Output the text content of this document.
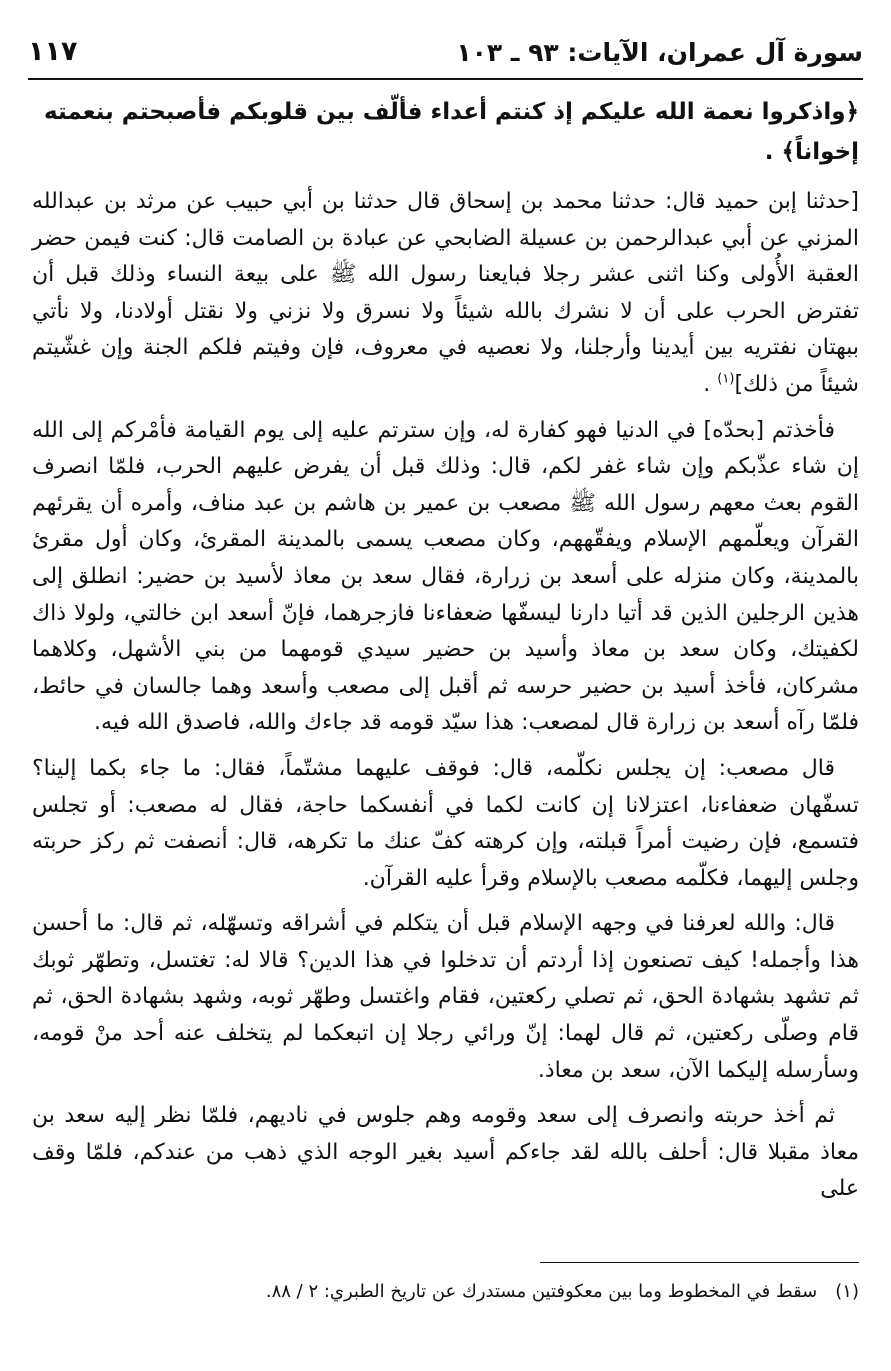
سورة آل عمران، الآيات: ٩٣ ـ ١٠٣
١١٧

﴿واذكروا نعمة الله عليكم إذ كنتم أعداء فألّف بين قلوبكم فأصبحتم بنعمته إخواناً﴾ .

[حدثنا إبن حميد قال: حدثنا محمد بن إسحاق قال حدثنا بن أبي حبيب عن مرثد بن عبدالله المزني عن أبي عبدالرحمن بن عسيلة الضابحي عن عبادة بن الصامت قال: كنت فيمن حضر العقبة الأُولى وكنا اثنى عشر رجلا فبايعنا رسول الله ﷺ على بيعة النساء وذلك قبل أن تفترض الحرب على أن لا نشرك بالله شيئاً ولا نسرق ولا نزني ولا نقتل أولادنا، ولا نأتي ببهتان نفتريه بين أيدينا وأرجلنا، ولا نعصيه في معروف، فإن وفيتم فلكم الجنة وإن غشّيتم شيئاً من ذلك]$^{(١)}$ .

فأخذتم [بحدّه] في الدنيا فهو كفارة له، وإن سترتم عليه إلى يوم القيامة فأمْركم إلى الله إن شاء عذّبكم وإن شاء غفر لكم، قال: وذلك قبل أن يفرض عليهم الحرب، فلمّا انصرف القوم بعث معهم رسول الله ﷺ مصعب بن عمير بن هاشم بن عبد مناف، وأمره أن يقرئهم القرآن ويعلّمهم الإسلام ويفقّههم، وكان مصعب يسمى بالمدينة المقرئ، وكان أول مقرئ بالمدينة، وكان منزله على أسعد بن زرارة، فقال سعد بن معاذ لأسيد بن حضير: انطلق إلى هذين الرجلين الذين قد أتيا دارنا ليسفّها ضعفاءنا فازجرهما، فإنّ أسعد ابن خالتي، ولولا ذاك لكفيتك، وكان سعد بن معاذ وأسيد بن حضير سيدي قومهما من بني الأشهل، وكلاهما مشركان، فأخذ أسيد بن حضير حرسه ثم أقبل إلى مصعب وأسعد وهما جالسان في حائط، فلمّا رآه أسعد بن زرارة قال لمصعب: هذا سيّد قومه قد جاءك والله، فاصدق الله فيه.

قال مصعب: إن يجلس نكلّمه، قال: فوقف عليهما مشتّماً، فقال: ما جاء بكما إلينا؟ تسفّهان ضعفاءنا، اعتزلانا إن كانت لكما في أنفسكما حاجة، فقال له مصعب: أو تجلس فتسمع، فإن رضيت أمراً قبلته، وإن كرهته كفّ عنك ما تكرهه، قال: أنصفت ثم ركز حربته وجلس إليهما، فكلّمه مصعب بالإسلام وقرأ عليه القرآن.

قال: والله لعرفنا في وجهه الإسلام قبل أن يتكلم في أشراقه وتسهّله، ثم قال: ما أحسن هذا وأجمله! كيف تصنعون إذا أردتم أن تدخلوا في هذا الدين؟ قالا له: تغتسل، وتطهّر ثوبك ثم تشهد بشهادة الحق، ثم تصلي ركعتين، فقام واغتسل وطهّر ثوبه، وشهد بشهادة الحق، ثم قام وصلّى ركعتين، ثم قال لهما: إنّ ورائي رجلا إن اتبعكما لم يتخلف عنه أحد منْ قومه، وسأرسله إليكما الآن، سعد بن معاذ.

ثم أخذ حربته وانصرف إلى سعد وقومه وهم جلوس في ناديهم، فلمّا نظر إليه سعد بن معاذ مقبلا قال: أحلف بالله لقد جاءكم أسيد بغير الوجه الذي ذهب من عندكم، فلمّا وقف على

(١)سقط في المخطوط وما بين معكوفتين مستدرك عن تاريخ الطبري: ٢ / ٨٨.
